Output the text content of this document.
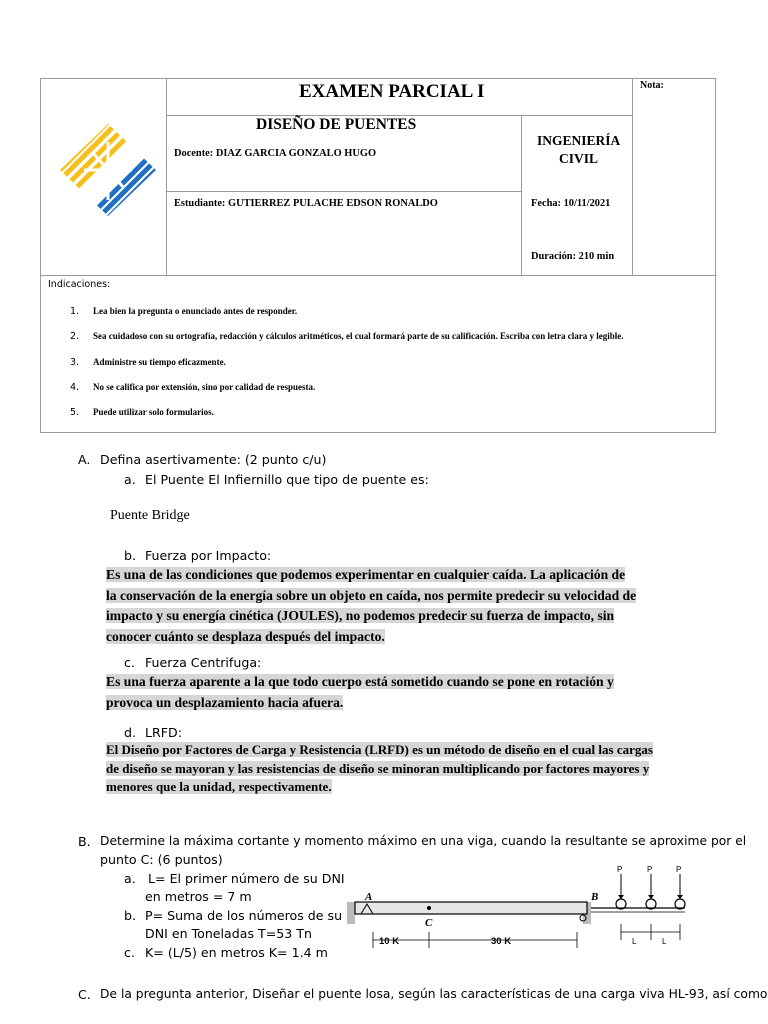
EXAMEN PARCIAL I	Nota:
DISEÑO DE PUENTES
INGENIERÍA
CIVIL
Docente: DIAZ GARCIA GONZALO HUGO
Estudiante: GUTIERREZ PULACHE EDSON RONALDO	Fecha: 10/11/2021
Duración: 210 min
Indicaciones:
1. Lea bien la pregunta o enunciado antes de responder.
2. Sea cuidadoso con su ortografía, redacción y cálculos aritméticos, el cual formará parte de su calificación. Escriba con letra clara y legible.
3. Administre su tiempo eficazmente.
4. No se califica por extensión, sino por calidad de respuesta.
5. Puede utilizar solo formularios.
A. Defina asertivamente: (2 punto c/u)
a. El Puente El Infiernillo que tipo de puente es:
Puente Bridge
b. Fuerza por Impacto:
Es una de las condiciones que podemos experimentar en cualquier caída. La aplicación de
la conservación de la energía sobre un objeto en caída, nos permite predecir su velocidad de
impacto y su energía cinética (JOULES), no podemos predecir su fuerza de impacto, sin
conocer cuánto se desplaza después del impacto.
c. Fuerza Centrifuga:
Es una fuerza aparente a la que todo cuerpo está sometido cuando se pone en rotación y
provoca un desplazamiento hacia afuera.
d. LRFD:
El Diseño por Factores de Carga y Resistencia (LRFD) es un método de diseño en el cual las cargas
de diseño se mayoran y las resistencias de diseño se minoran multiplicando por factores mayores y
menores que la unidad, respectivamente.
B. Determine la máxima cortante y momento máximo en una viga, cuando la resultante se aproxime por el
punto C: (6 puntos)
a. L= El primer número de su DNI
en metros = 7 m
b. P= Suma de los números de su
DNI en Toneladas T=53 Tn
c. K= (L/5) en metros K= 1.4 m
A	B
C
P	P	P
10 K	30 K	L	L
C. De la pregunta anterior, Diseñar el puente losa, según las características de una carga viva HL-93, así como
